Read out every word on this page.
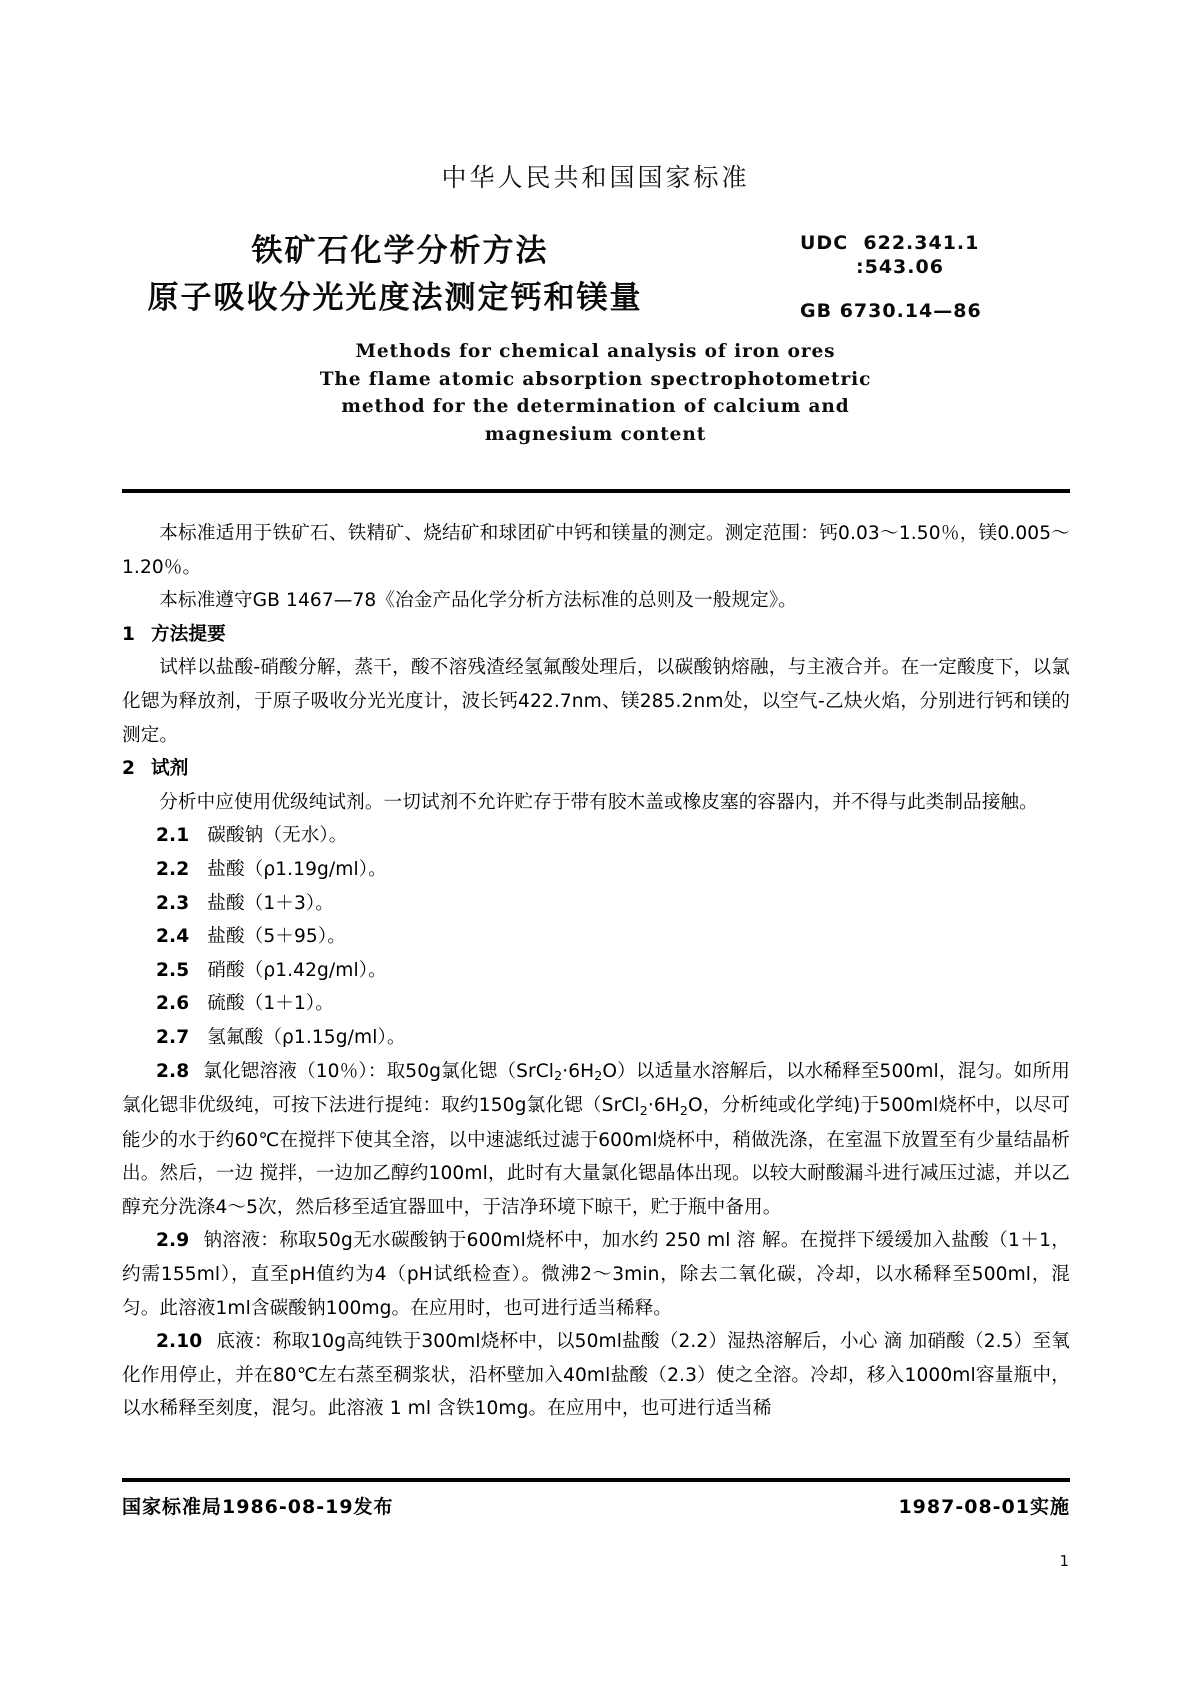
中华人民共和国国家标准
铁矿石化学分析方法
原子吸收分光光度法测定钙和镁量
UDC  622.341.1
:543.06
GB 6730.14—86
Methods for chemical analysis of iron ores
The flame atomic absorption spectrophotometric
method for the determination of calcium and
magnesium content

本标准适用于铁矿石、铁精矿、烧结矿和球团矿中钙和镁量的测定。测定范围：钙0.03～1.50％，镁0.005～1.20％。

本标准遵守GB 1467—78《冶金产品化学分析方法标准的总则及一般规定》。

1 方法提要

试样以盐酸‑硝酸分解，蒸干，酸不溶残渣经氢氟酸处理后，以碳酸钠熔融，与主液合并。在一定酸度下，以氯化锶为释放剂，于原子吸收分光光度计，波长钙422.7nm、镁285.2nm处，以空气‑乙炔火焰，分别进行钙和镁的测定。

2 试剂

分析中应使用优级纯试剂。一切试剂不允许贮存于带有胶木盖或橡皮塞的容器内，并不得与此类制品接触。

2.1 碳酸钠（无水）。

2.2 盐酸（ρ1.19g/ml）。

2.3 盐酸（1＋3）。

2.4 盐酸（5＋95）。

2.5 硝酸（ρ1.42g/ml）。

2.6 硫酸（1＋1）。

2.7 氢氟酸（ρ1.15g/ml）。

2.8 氯化锶溶液（10％）：取50g氯化锶$(SrCl_2\cdot 6H_2O)$以适量水溶解后，以水稀释至500ml，混匀。如所用氯化锶非优级纯，可按下法进行提纯：取约150g氯化锶（$SrCl_2\cdot 6H_2O$，分析纯或化学纯)于500ml烧杯中，以尽可能少的水于约60℃在搅拌下使其全溶，以中速滤纸过滤于600ml烧杯中，稍做洗涤，在室温下放置至有少量结晶析出。然后，一边 搅拌，一边加乙醇约100ml，此时有大量氯化锶晶体出现。以较大耐酸漏斗进行减压过滤，并以乙醇充分洗涤4～5次，然后移至适宜器皿中，于洁净环境下晾干，贮于瓶中备用。

2.9 钠溶液：称取50g无水碳酸钠于600ml烧杯中，加水约 250 ml 溶 解。在搅拌下缓缓加入盐酸（1＋1，约需155ml），直至pH值约为4（pH试纸检查）。微沸2～3min，除去二氧化碳，冷却，以水稀释至500ml，混匀。此溶液1ml含碳酸钠100mg。在应用时，也可进行适当稀释。

2.10 底液：称取10g高纯铁于300ml烧杯中，以50ml盐酸（2.2）湿热溶解后，小心 滴 加硝酸（2.5）至氧化作用停止，并在80℃左右蒸至稠浆状，沿杯壁加入40ml盐酸（2.3）使之全溶。冷却，移入1000ml容量瓶中，以水稀释至刻度，混匀。此溶液 1 ml 含铁10mg。在应用中，也可进行适当稀

国家标准局1986‑08‑19发布	1987‑08‑01实施
1
